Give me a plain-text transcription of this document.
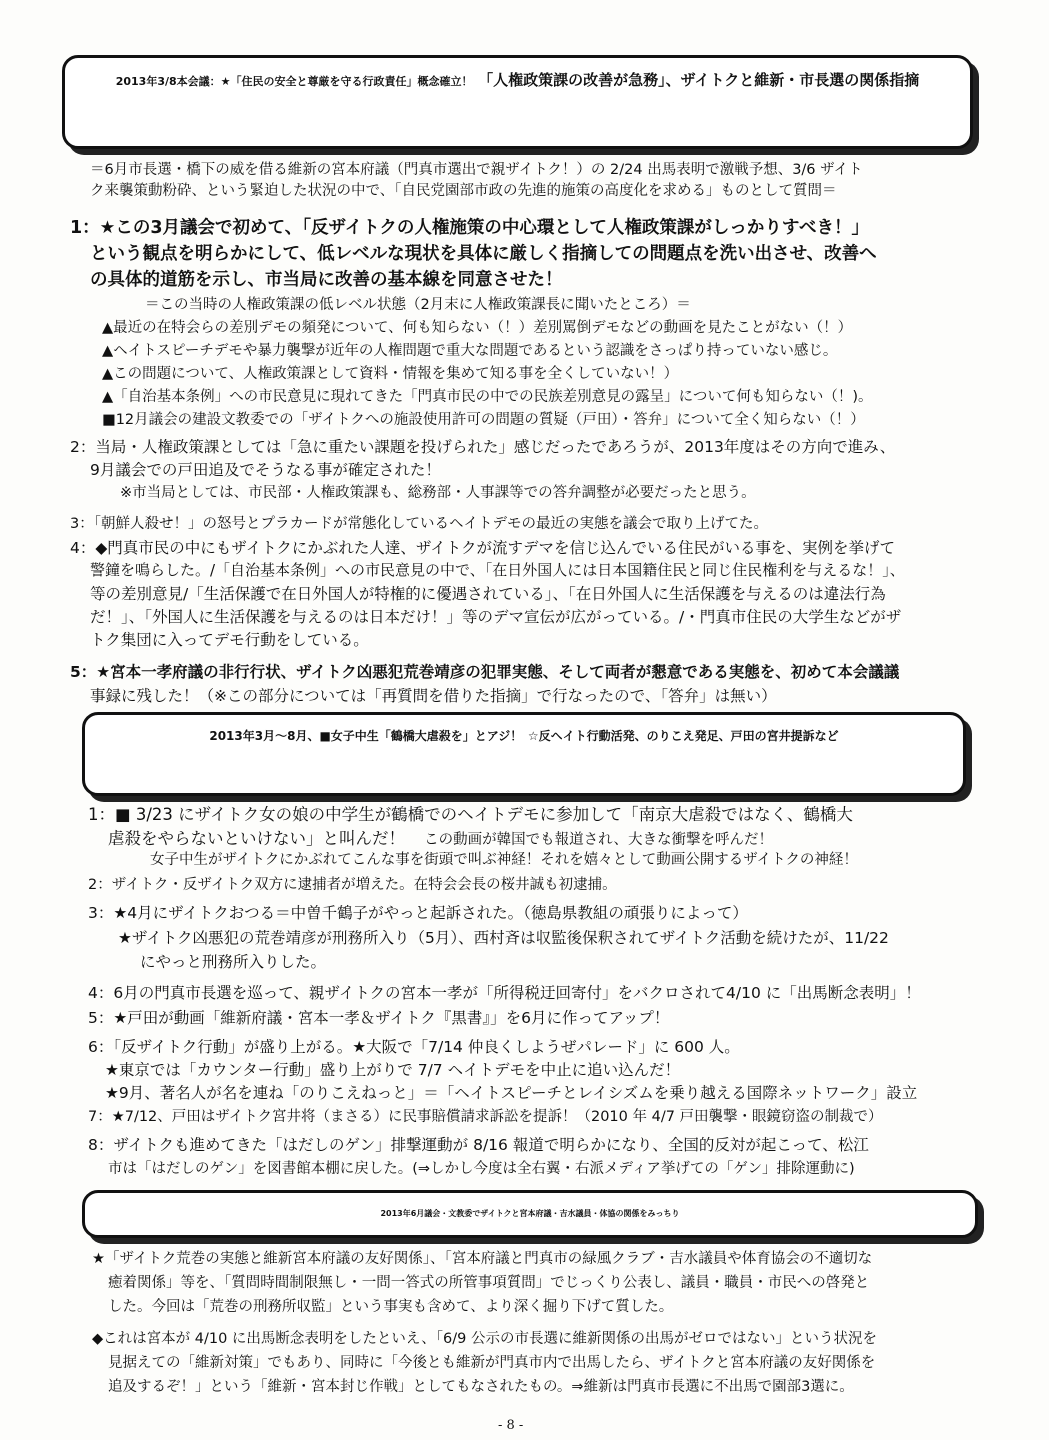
2013年3/8本会議：★「住民の安全と尊厳を守る行政責任」概念確立！ 「人権政策課の改善が急務」、ザイトクと維新・市長選の関係指摘
＝6月市長選・橋下の威を借る維新の宮本府議（門真市選出で親ザイトク！）の 2/24 出馬表明で激戦予想、3/6 ザイト
ク来襲策動粉砕、という緊迫した状況の中で、「自民党園部市政の先進的施策の高度化を求める」ものとして質問＝
1：★この3月議会で初めて、「反ザイトクの人権施策の中心環として人権政策課がしっかりすべき！」
という観点を明らかにして、低レベルな現状を具体に厳しく指摘しての問題点を洗い出させ、改善へ
の具体的道筋を示し、市当局に改善の基本線を同意させた！
＝この当時の人権政策課の低レベル状態（2月末に人権政策課長に聞いたところ）＝
▲最近の在特会らの差別デモの頻発について、何も知らない（！）差別罵倒デモなどの動画を見たことがない（！）
▲ヘイトスピーチデモや暴力襲撃が近年の人権問題で重大な問題であるという認識をさっぱり持っていない感じ。
▲この問題について、人権政策課として資料・情報を集めて知る事を全くしていない！）
▲「自治基本条例」への市民意見に現れてきた「門真市民の中での民族差別意見の露呈」について何も知らない（！)。
■12月議会の建設文教委での「ザイトクへの施設使用許可の問題の質疑（戸田）・答弁」について全く知らない（！）
2：当局・人権政策課としては「急に重たい課題を投げられた」感じだったであろうが、2013年度はその方向で進み、
9月議会での戸田追及でそうなる事が確定された！
※市当局としては、市民部・人権政策課も、総務部・人事課等での答弁調整が必要だったと思う。
3：「朝鮮人殺せ！」の怒号とプラカードが常態化しているヘイトデモの最近の実態を議会で取り上げてた。
4：◆門真市民の中にもザイトクにかぶれた人達、ザイトクが流すデマを信じ込んでいる住民がいる事を、実例を挙げて
警鐘を鳴らした。/「自治基本条例」への市民意見の中で、「在日外国人には日本国籍住民と同じ住民権利を与えるな！」、
等の差別意見/「生活保護で在日外国人が特権的に優遇されている」、「在日外国人に生活保護を与えるのは違法行為
だ！」、「外国人に生活保護を与えるのは日本だけ！」等のデマ宣伝が広がっている。/・門真市住民の大学生などがザ
トク集団に入ってデモ行動をしている。
5：★宮本一孝府議の非行行状、ザイトク凶悪犯荒巻靖彦の犯罪実態、そして両者が懇意である実態を、初めて本会議議
事録に残した！（※この部分については「再質問を借りた指摘」で行なったので、「答弁」は無い）
2013年3月～8月、■女子中生「鶴橋大虐殺を」とアジ！ ☆反ヘイト行動活発、のりこえ発足、戸田の宮井提訴など
1：■ 3/23 にザイトク女の娘の中学生が鶴橋でのヘイトデモに参加して「南京大虐殺ではなく、鶴橋大
虐殺をやらないといけない」と叫んだ！ この動画が韓国でも報道され、大きな衝撃を呼んだ！
女子中生がザイトクにかぶれてこんな事を街頭で叫ぶ神経！それを嬉々として動画公開するザイトクの神経！
2：ザイトク・反ザイトク双方に逮捕者が増えた。在特会会長の桜井誠も初逮捕。
3：★4月にザイトクおつる＝中曽千鶴子がやっと起訴された。（徳島県教組の頑張りによって）
★ザイトク凶悪犯の荒巻靖彦が刑務所入り（5月）、西村斉は収監後保釈されてザイトク活動を続けたが、11/22
にやっと刑務所入りした。
4：6月の門真市長選を巡って、親ザイトクの宮本一孝が「所得税迂回寄付」をバクロされて4/10 に「出馬断念表明」！
5：★戸田が動画「維新府議・宮本一孝＆ザイトク『黒書』」を6月に作ってアップ！
6：「反ザイトク行動」が盛り上がる。★大阪で「7/14 仲良くしようぜパレード」に 600 人。
★東京では「カウンター行動」盛り上がりで 7/7 ヘイトデモを中止に追い込んだ！
★9月、著名人が名を連ね「のりこえねっと」＝「ヘイトスピーチとレイシズムを乗り越える国際ネットワーク」設立
7：★7/12、戸田はザイトク宮井将（まさる）に民事賠償請求訴訟を提訴！（2010 年 4/7 戸田襲撃・眼鏡窃盗の制裁で）
8：ザイトクも進めてきた「はだしのゲン」排撃運動が 8/16 報道で明らかになり、全国的反対が起こって、松江
市は「はだしのゲン」を図書館本棚に戻した。(⇒しかし今度は全右翼・右派メディア挙げての「ゲン」排除運動に)
2013年6月議会・文教委でザイトクと宮本府議・吉水議員・体協の関係をみっちり
★「ザイトク荒巻の実態と維新宮本府議の友好関係」、「宮本府議と門真市の緑風クラブ・吉水議員や体育協会の不適切な
癒着関係」等を、「質問時間制限無し・一問一答式の所管事項質問」でじっくり公表し、議員・職員・市民への啓発と
した。今回は「荒巻の刑務所収監」という事実も含めて、より深く掘り下げて質した。
◆これは宮本が 4/10 に出馬断念表明をしたといえ、「6/9 公示の市長選に維新関係の出馬がゼロではない」という状況を
見据えての「維新対策」でもあり、同時に「今後とも維新が門真市内で出馬したら、ザイトクと宮本府議の友好関係を
追及するぞ！」という「維新・宮本封じ作戦」としてもなされたもの。⇒維新は門真市長選に不出馬で園部3選に。
- 8 -
